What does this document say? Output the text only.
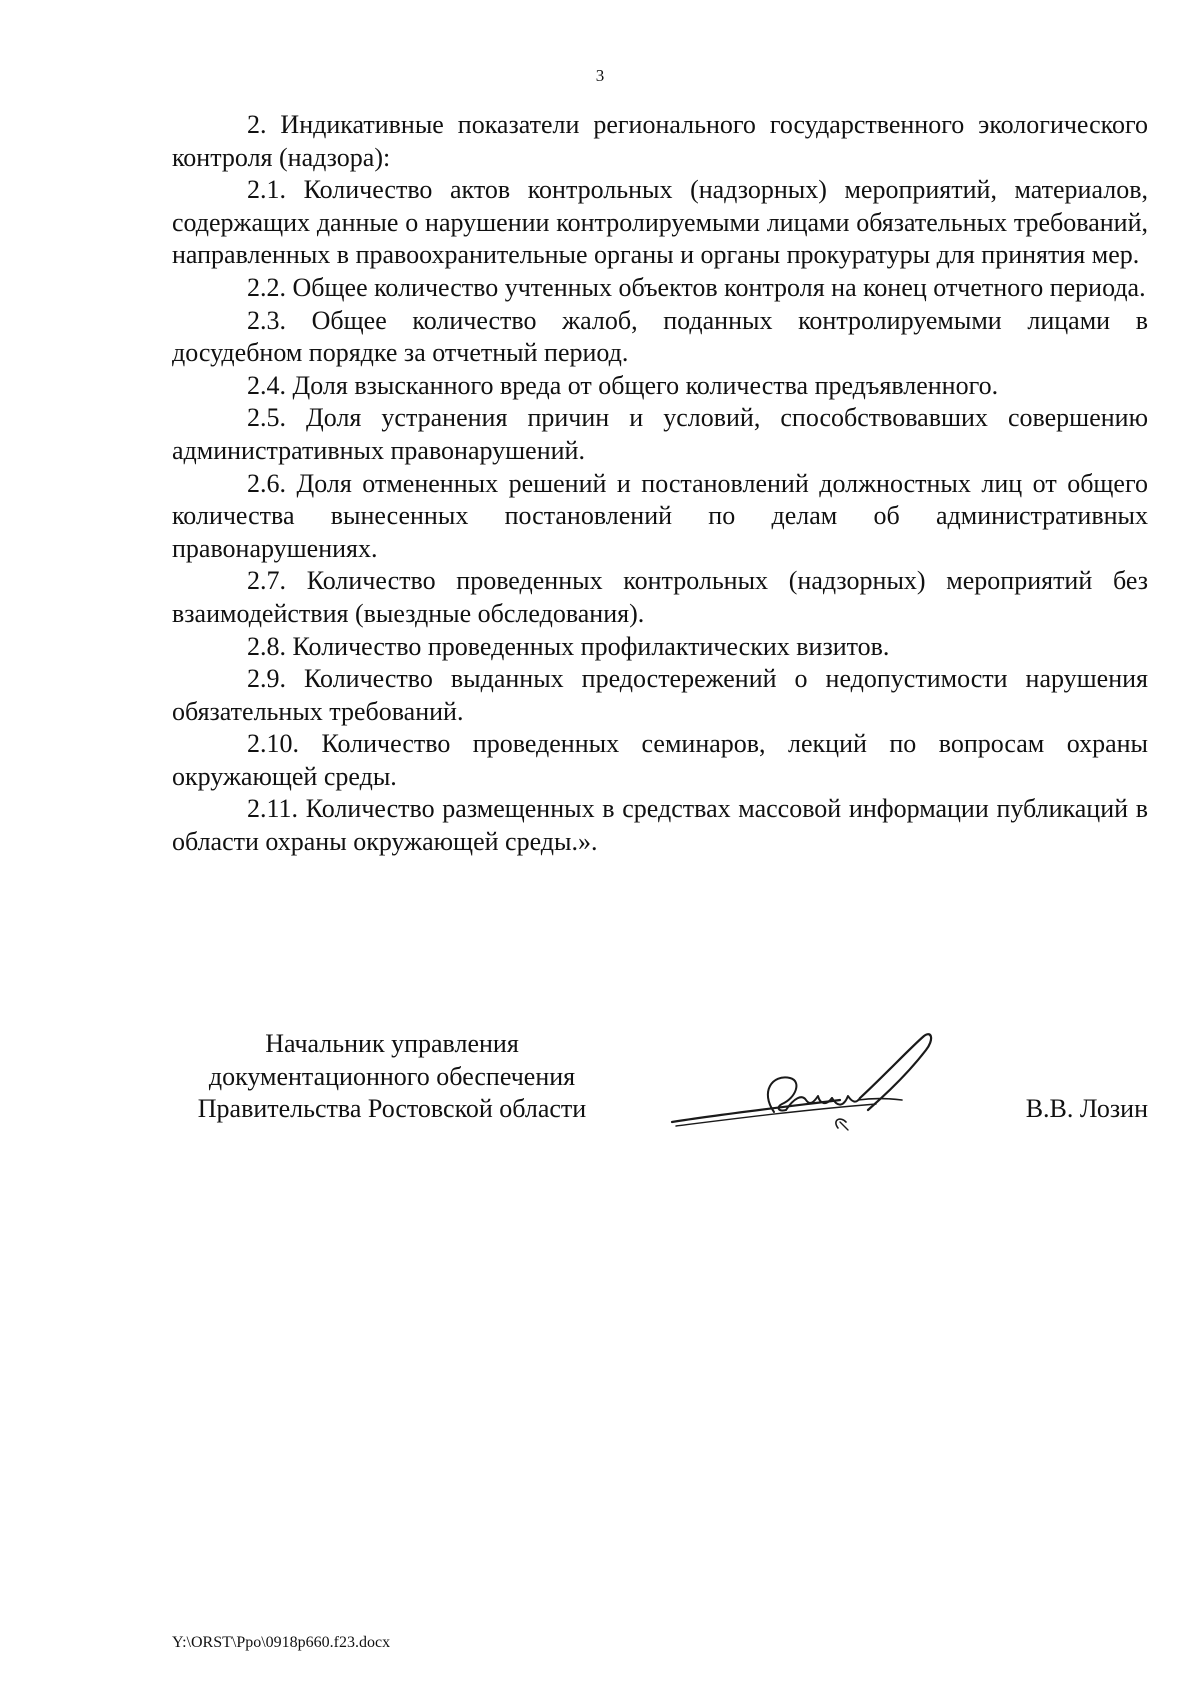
3

2. Индикативные показатели регионального государственного экологического контроля (надзора):

2.1. Количество актов контрольных (надзорных) мероприятий, материалов, содержащих данные о нарушении контролируемыми лицами обязательных требований, направленных в правоохранительные органы и органы прокуратуры для принятия мер.

2.2. Общее количество учтенных объектов контроля на конец отчетного периода.

2.3. Общее количество жалоб, поданных контролируемыми лицами в досудебном порядке за отчетный период.

2.4. Доля взысканного вреда от общего количества предъявленного.

2.5. Доля устранения причин и условий, способствовавших совершению административных правонарушений.

2.6. Доля отмененных решений и постановлений должностных лиц от общего количества вынесенных постановлений по делам об административных правонарушениях.

2.7. Количество проведенных контрольных (надзорных) мероприятий без взаимодействия (выездные обследования).

2.8. Количество проведенных профилактических визитов.

2.9. Количество выданных предостережений о недопустимости нарушения обязательных требований.

2.10. Количество проведенных семинаров, лекций по вопросам охраны окружающей среды.

2.11. Количество размещенных в средствах массовой информации публикаций в области охраны окружающей среды.».

Начальник управления
документационного обеспечения
Правительства Ростовской области	В.В. Лозин
Y:\ORST\Ppo\0918p660.f23.docx
